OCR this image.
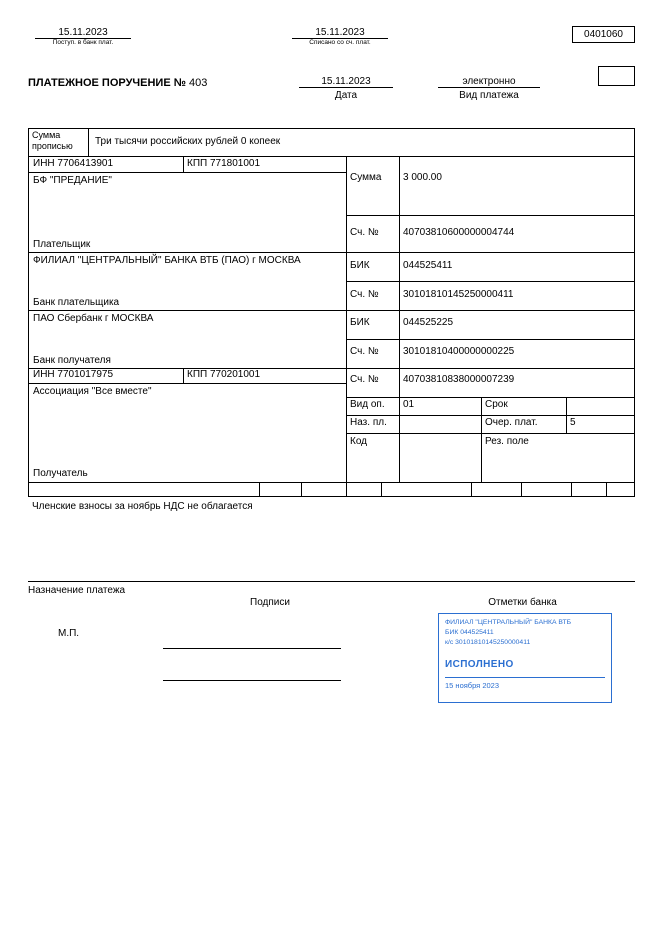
15.11.2023
Поступ. в банк плат.
15.11.2023
Списано со сч. плат.
0401060
ПЛАТЕЖНОЕ ПОРУЧЕНИЕ № 403	15.11.2023
Дата
электронно
Вид платежа
Сумма прописью	Три тысячи российских рублей 0 копеек
ИНН 7706413901	КПП 771801001
БФ "ПРЕДАНИЕ"
Плательщик
ФИЛИАЛ "ЦЕНТРАЛЬНЫЙ" БАНКА ВТБ (ПАО) г МОСКВА
Банк плательщика
ПАО Сбербанк г МОСКВА
Банк получателя
ИНН 7701017975	КПП 770201001
Ассоциация "Все вместе"
Получатель
Сумма 3 000.00
Сч. № 40703810600000004744
БИК	044525411
Сч. № 30101810145250000411
БИК	044525225
Сч. № 30101810400000000225
Сч. № 40703810838000007239
Вид оп. 01	Срок
Наз. пл.	Очер. плат.	5
Код	Рез. поле
Членские взносы за ноябрь НДС не облагается
Назначение платежа
Подписи	Отметки банка
М.П.
ФИЛИАЛ "ЦЕНТРАЛЬНЫЙ" БАНКА ВТБ
БИК 044525411
к/с 30101810145250000411
ИСПОЛНЕНО
15 ноября 2023
